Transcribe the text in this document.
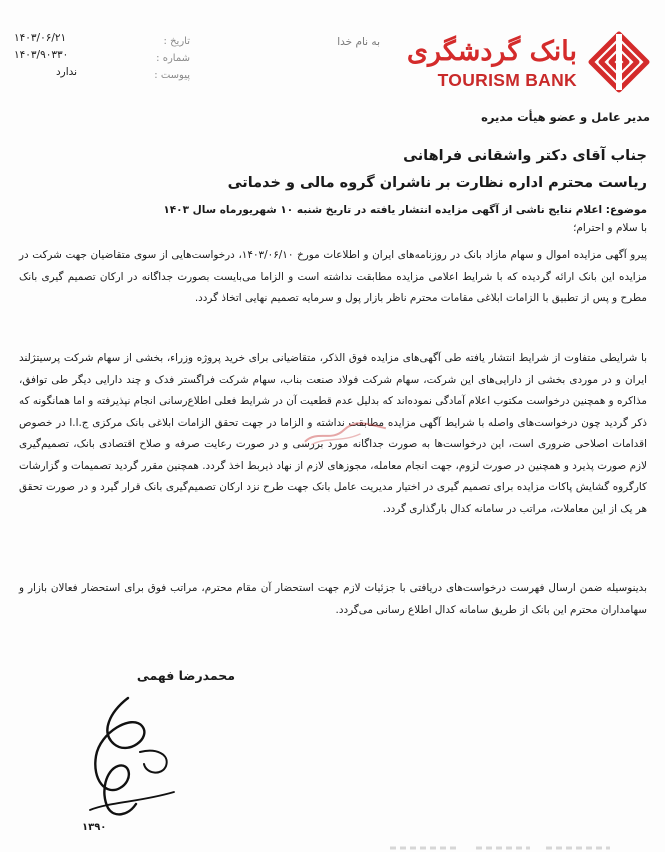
۱۴۰۳/۰۶/۲۱
۱۴۰۳/۹۰۳۳۰
ندارد
تاریخ :
شماره :
پیوست :
به نام خدا بانک گردشگری
TOURISM BANK
مدیر عامل و عضو هیأت مدیره
جناب آقای دکتر واشقانی فراهانی
ریاست محترم اداره نظارت بر ناشران گروه مالی و خدماتی
موضوع: اعلام نتایج ناشی از آگهی مزایده انتشار یافته در تاریخ شنبه ۱۰ شهریورماه سال ۱۴۰۳
با سلام و احترام؛
پیرو آگهی مزایده اموال و سهام مازاد بانک در روزنامه‌های ایران و اطلاعات مورخ ۱۴۰۳/۰۶/۱۰، درخواست‌هایی از سوی متقاضیان جهت شرکت در مزایده این بانک ارائه گردیده که با شرایط اعلامی مزایده مطابقت نداشته است و الزاما می‌بایست بصورت جداگانه در ارکان تصمیم گیری بانک مطرح و پس از تطبیق با الزامات ابلاغی مقامات محترم ناظر بازار پول و سرمایه تصمیم نهایی اتخاذ گردد.
با شرایطی متفاوت از شرایط انتشار یافته طی آگهی‌های مزایده فوق الذکر، متقاضیانی برای خرید پروژه وزراء، بخشی از سهام شرکت پرسیتژلند ایران و در موردی بخشی از دارایی‌های این شرکت، سهام شرکت فولاد صنعت بناب، سهام شرکت فراگستر فدک و چند دارایی دیگر طی توافق، مذاکره و همچنین درخواست مکتوب اعلام آمادگی نموده‌اند که بدلیل عدم قطعیت آن در شرایط فعلی اطلاع‌رسانی انجام نپذیرفته و اما همانگونه که ذکر گردید چون درخواست‌های واصله با شرایط آگهی مزایده مطابقت نداشته و الزاما در جهت تحقق الزامات ابلاغی بانک مرکزی ج.ا.ا در خصوص اقدامات اصلاحی ضروری است، این درخواست‌ها به صورت جداگانه مورد بررسی و در صورت رعایت صرفه و صلاح اقتصادی بانک، تصمیم‌گیری لازم صورت پذیرد و همچنین در صورت لزوم، جهت انجام معامله، مجوزهای لازم از نهاد ذیربط اخذ گردد. همچنین مقرر گردید تصمیمات و گزارشات کارگروه گشایش پاکات مزایده برای تصمیم گیری در اختیار مدیریت عامل بانک جهت طرح نزد ارکان تصمیم‌گیری بانک قرار گیرد و در صورت تحقق هر یک از این معاملات، مراتب در سامانه کدال بارگذاری گردد.
بدینوسیله ضمن ارسال فهرست درخواست‌های دریافتی با جزئیات لازم جهت استحضار آن مقام محترم، مراتب فوق برای استحضار فعالان بازار و سهامداران محترم این بانک از طریق سامانه کدال اطلاع رسانی می‌گردد.
محمدرضا فهمی
۱۳۹۰
